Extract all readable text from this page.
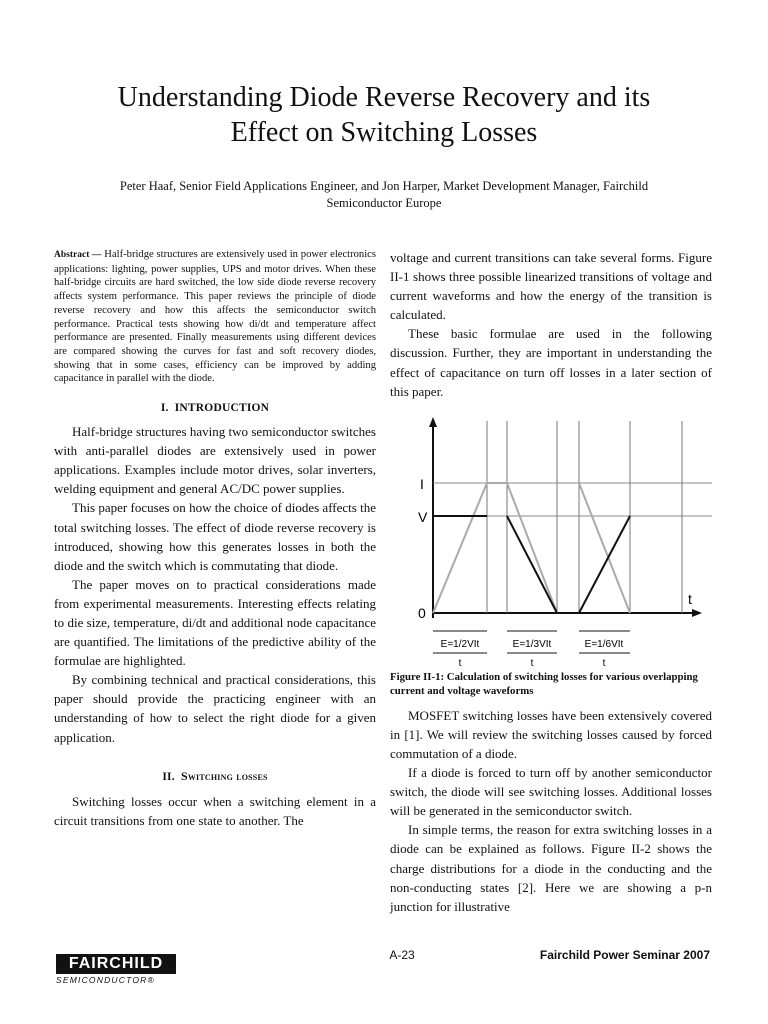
Understanding Diode Reverse Recovery and its
Effect on Switching Losses
Peter Haaf, Senior Field Applications Engineer, and Jon Harper, Market Development Manager, Fairchild
Semiconductor Europe

Abstract — Half-bridge structures are extensively used in power electronics applications: lighting, power supplies, UPS and motor drives. When these half-bridge circuits are hard switched, the low side diode reverse recovery affects system performance. This paper reviews the principle of diode reverse recovery and how this affects the semiconductor switch performance. Practical tests showing how di/dt and temperature affect performance are presented. Finally measurements using different devices are compared showing the curves for fast and soft recovery diodes, showing that in some cases, efficiency can be improved by adding capacitance in parallel with the diode.

I. INTRODUCTION

Half-bridge structures having two semiconductor switches with anti-parallel diodes are extensively used in power applications. Examples include motor drives, solar inverters, welding equipment and general AC/DC power supplies.

This paper focuses on how the choice of diodes affects the total switching losses. The effect of diode reverse recovery is introduced, showing how this generates losses in both the diode and the switch which is commutating that diode.

The paper moves on to practical considerations made from experimental measurements. Interesting effects relating to die size, temperature, di/dt and additional node capacitance are quantified. The limitations of the predictive ability of the formulae are highlighted.

By combining technical and practical considerations, this paper should provide the practicing engineer with an understanding of how to select the right diode for a given application.

II. Switching losses

Switching losses occur when a switching element in a circuit transitions from one state to another. The

voltage and current transitions can take several forms. Figure II-1 shows three possible linearized transitions of voltage and current waveforms and how the energy of the transition is calculated.

These basic formulae are used in the following discussion. Further, they are important in understanding the effect of capacitance on turn off losses in a later section of this paper.

I
V
0
t
E=1/2VIt	E=1/3VIt	E=1/6VIt
t	t	t

Figure II-1: Calculation of switching losses for various overlapping current and voltage waveforms

MOSFET switching losses have been extensively covered in [1]. We will review the switching losses caused by forced commutation of a diode.

If a diode is forced to turn off by another semiconductor switch, the diode will see switching losses. Additional losses will be generated in the semiconductor switch.

In simple terms, the reason for extra switching losses in a diode can be explained as follows. Figure II-2 shows the charge distributions for a diode in the conducting and the non-conducting states [2]. Here we are showing a p-n junction for illustrative

FAIRCHILD
SEMICONDUCTOR®
A-23	Fairchild Power Seminar 2007
